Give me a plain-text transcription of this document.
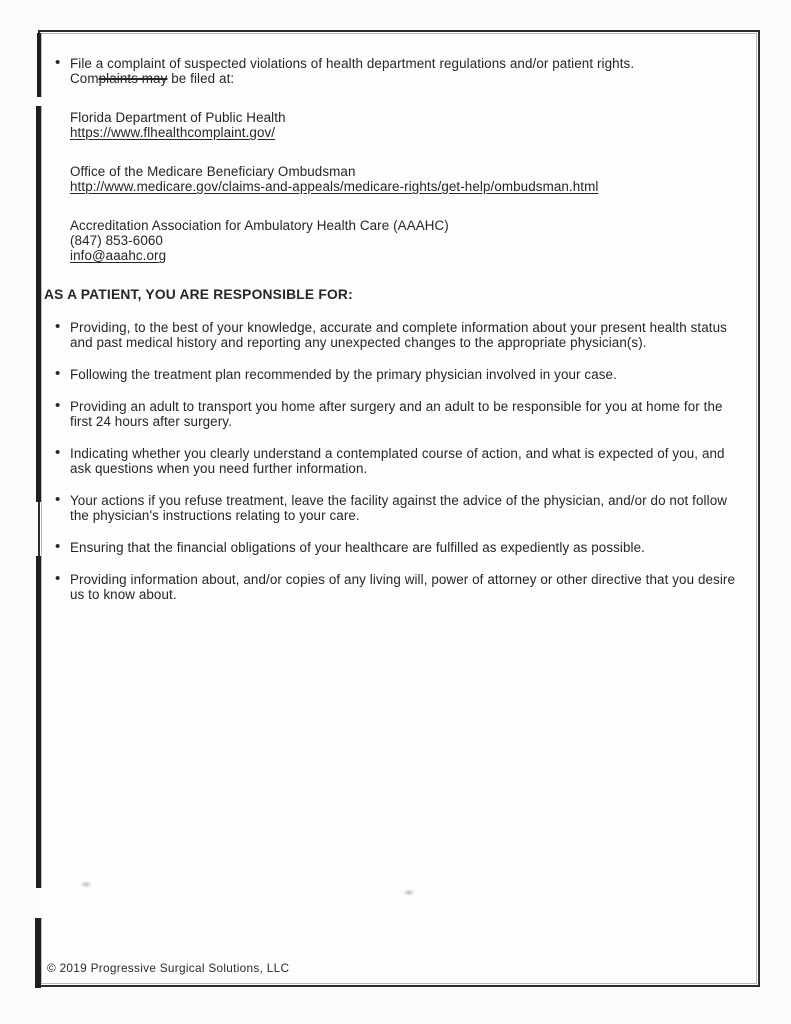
• File a complaint of suspected violations of health department regulations and/or patient rights.
Complaints may be filed at:
Florida Department of Public Health
https://www.flhealthcomplaint.gov/
Office of the Medicare Beneficiary Ombudsman
http://www.medicare.gov/claims-and-appeals/medicare-rights/get-help/ombudsman.html
Accreditation Association for Ambulatory Health Care (AAAHC)
(847) 853-6060
info@aaahc.org
AS A PATIENT, YOU ARE RESPONSIBLE FOR:
• Providing, to the best of your knowledge, accurate and complete information about your present health status and past medical history and reporting any unexpected changes to the appropriate physician(s).
• Following the treatment plan recommended by the primary physician involved in your case.
• Providing an adult to transport you home after surgery and an adult to be responsible for you at home for the first 24 hours after surgery.
• Indicating whether you clearly understand a contemplated course of action, and what is expected of you, and ask questions when you need further information.
• Your actions if you refuse treatment, leave the facility against the advice of the physician, and/or do not follow the physician's instructions relating to your care.
• Ensuring that the financial obligations of your healthcare are fulfilled as expediently as possible.
• Providing information about, and/or copies of any living will, power of attorney or other directive that you desire us to know about.
© 2019 Progressive Surgical Solutions, LLC
